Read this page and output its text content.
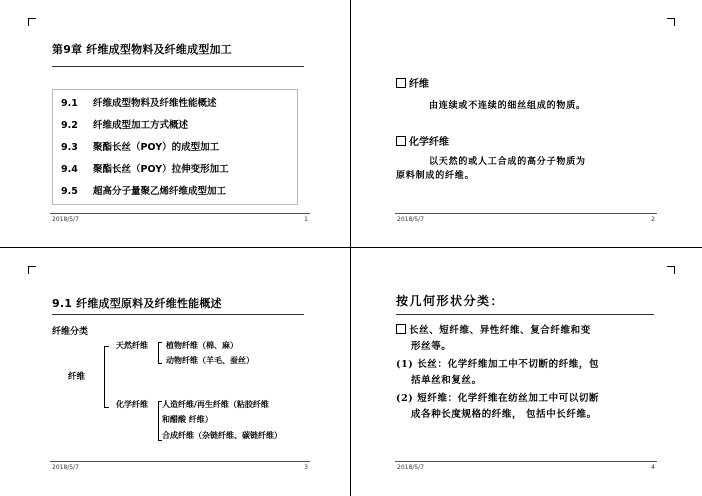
第9章 纤维成型物料及纤维成型加工
9.1 纤维成型物料及纤维性能概述
9.2 纤维成型加工方式概述
9.3 聚酯长丝（POY）的成型加工
9.4 聚酯长丝（POY）拉伸变形加工
9.5 超高分子量聚乙烯纤维成型加工
2018/5/7	1
纤维
由连续或不连续的细丝组成的物质。
化学纤维
以天然的或人工合成的高分子物质为
原料制成的纤维。
2018/5/7	2
9.1 纤维成型原料及纤维性能概述
纤维分类
纤维
天然纤维 植物纤维（棉、麻）
动物纤维（羊毛、蚕丝）
化学纤维 人造纤维/再生纤维（粘胶纤维
和醋酸 纤维）
合成纤维（杂链纤维、碳链纤维）
2018/5/7	3
按几何形状分类：
长丝、短纤维、异性纤维、复合纤维和变
形丝等。
(1) 长丝：化学纤维加工中不切断的纤维，包
括单丝和复丝。
(2) 短纤维：化学纤维在纺丝加工中可以切断
成各种长度规格的纤维， 包括中长纤维。
2018/5/7	4
